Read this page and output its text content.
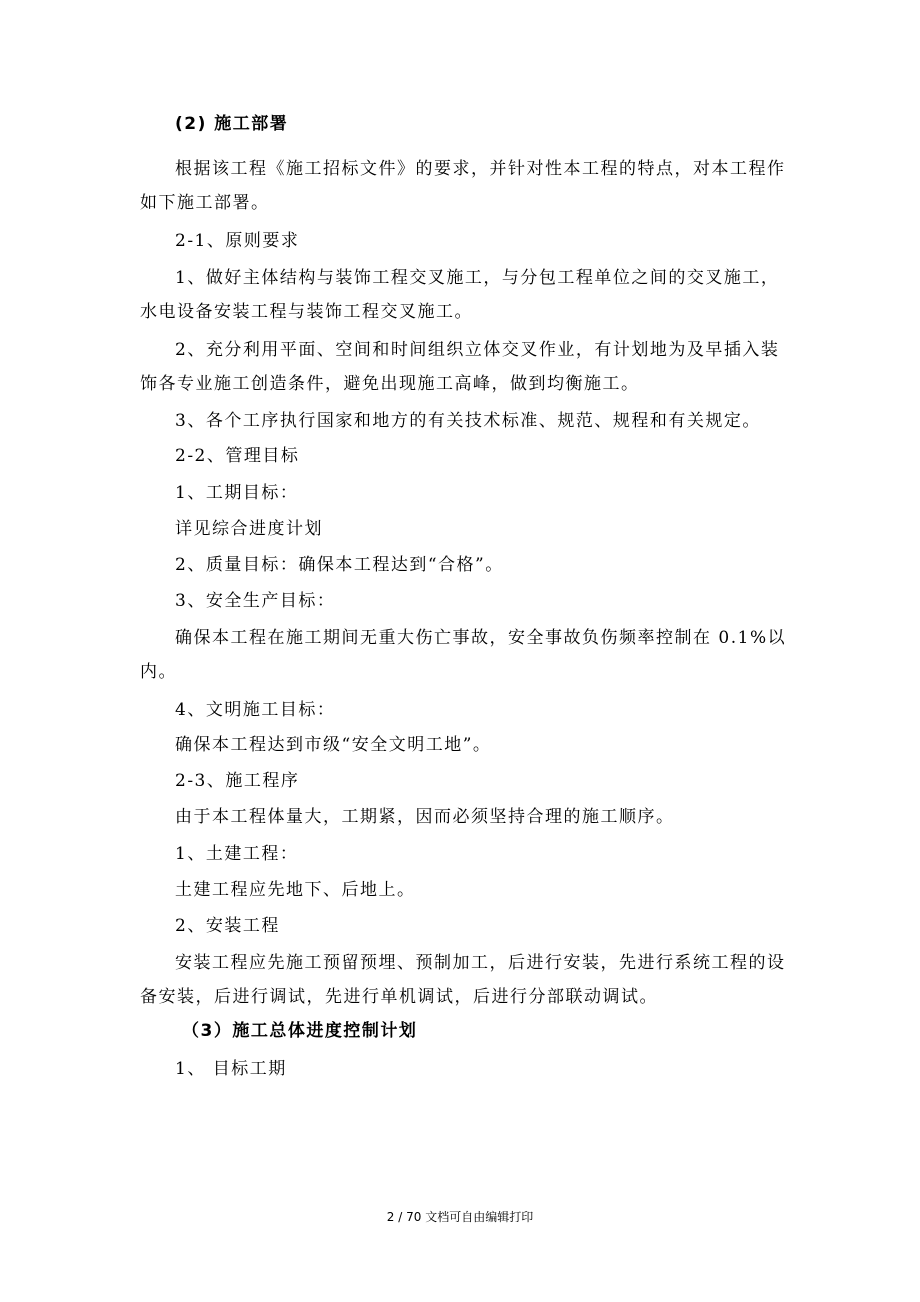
(2) 施工部署
根据该工程《施工招标文件》的要求，并针对性本工程的特点，对本工程作
如下施工部署。
2-1、原则要求
1、做好主体结构与装饰工程交叉施工，与分包工程单位之间的交叉施工，
水电设备安装工程与装饰工程交叉施工。
2、充分利用平面、空间和时间组织立体交叉作业，有计划地为及早插入装
饰各专业施工创造条件，避免出现施工高峰，做到均衡施工。
3、各个工序执行国家和地方的有关技术标准、规范、规程和有关规定。
2-2、管理目标
1、工期目标：
详见综合进度计划
2、质量目标：确保本工程达到“合格”。
3、安全生产目标：
确保本工程在施工期间无重大伤亡事故，安全事故负伤频率控制在 0.1%以
内。
4、文明施工目标：
确保本工程达到市级“安全文明工地”。
2-3、施工程序
由于本工程体量大，工期紧，因而必须坚持合理的施工顺序。
1、土建工程：
土建工程应先地下、后地上。
2、安装工程
安装工程应先施工预留预埋、预制加工，后进行安装，先进行系统工程的设
备安装，后进行调试，先进行单机调试，后进行分部联动调试。
（3）施工总体进度控制计划
1、 目标工期
2 / 70 文档可自由编辑打印
